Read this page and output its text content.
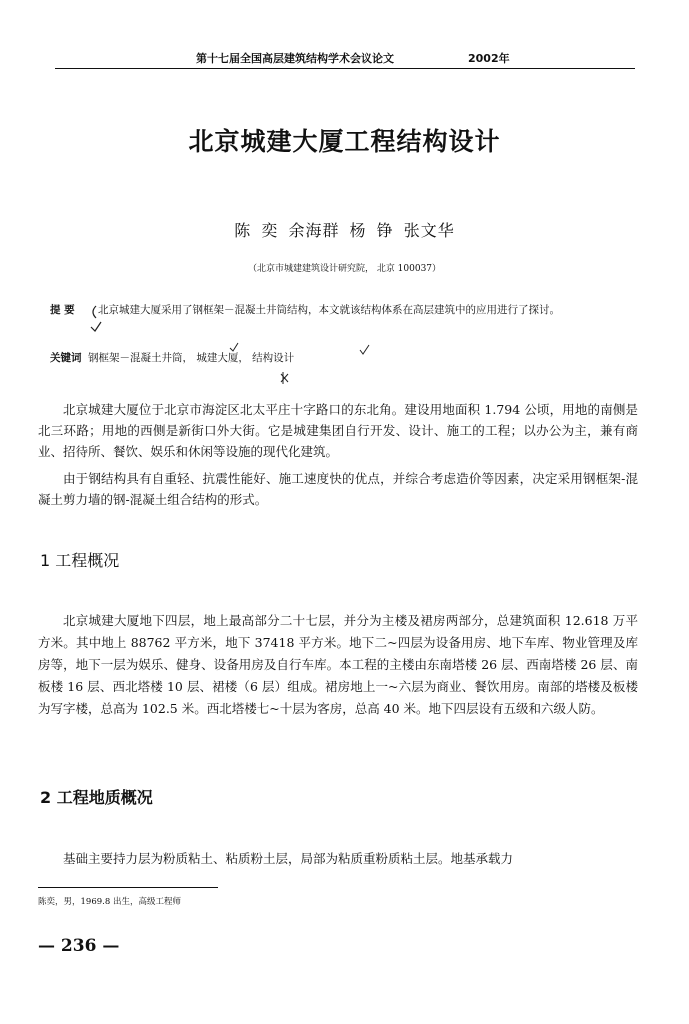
第十七届全国高层建筑结构学术会议论文	2002年
北京城建大厦工程结构设计
陈 奕 余海群 杨 铮 张文华
（北京市城建建筑设计研究院， 北京 100037）
提 要 北京城建大厦采用了钢框架－混凝土井筒结构，本文就该结构体系在高层建筑中的应用进行了探讨。
关键词 钢框架－混凝土井筒， 城建大厦， 结构设计
北京城建大厦位于北京市海淀区北太平庄十字路口的东北角。建设用地面积 1.794 公顷，用地的南侧是北三环路；用地的西侧是新街口外大街。它是城建集团自行开发、设计、施工的工程；以办公为主，兼有商业、招待所、餐饮、娱乐和休闲等设施的现代化建筑。
由于钢结构具有自重轻、抗震性能好、施工速度快的优点，并综合考虑造价等因素，决定采用钢框架-混凝土剪力墙的钢-混凝土组合结构的形式。
1 工程概况
北京城建大厦地下四层，地上最高部分二十七层，并分为主楼及裙房两部分，总建筑面积 12.618 万平方米。其中地上 88762 平方米，地下 37418 平方米。地下二~四层为设备用房、地下车库、物业管理及库房等，地下一层为娱乐、健身、设备用房及自行车库。本工程的主楼由东南塔楼 26 层、西南塔楼 26 层、南板楼 16 层、西北塔楼 10 层、裙楼（6 层）组成。裙房地上一~六层为商业、餐饮用房。南部的塔楼及板楼为写字楼，总高为 102.5 米。西北塔楼七~十层为客房，总高 40 米。地下四层设有五级和六级人防。
2 工程地质概况
基础主要持力层为粉质粘土、粘质粉土层，局部为粘质重粉质粘土层。地基承载力
陈奕，男，1969.8 出生，高级工程师
— 236 —
